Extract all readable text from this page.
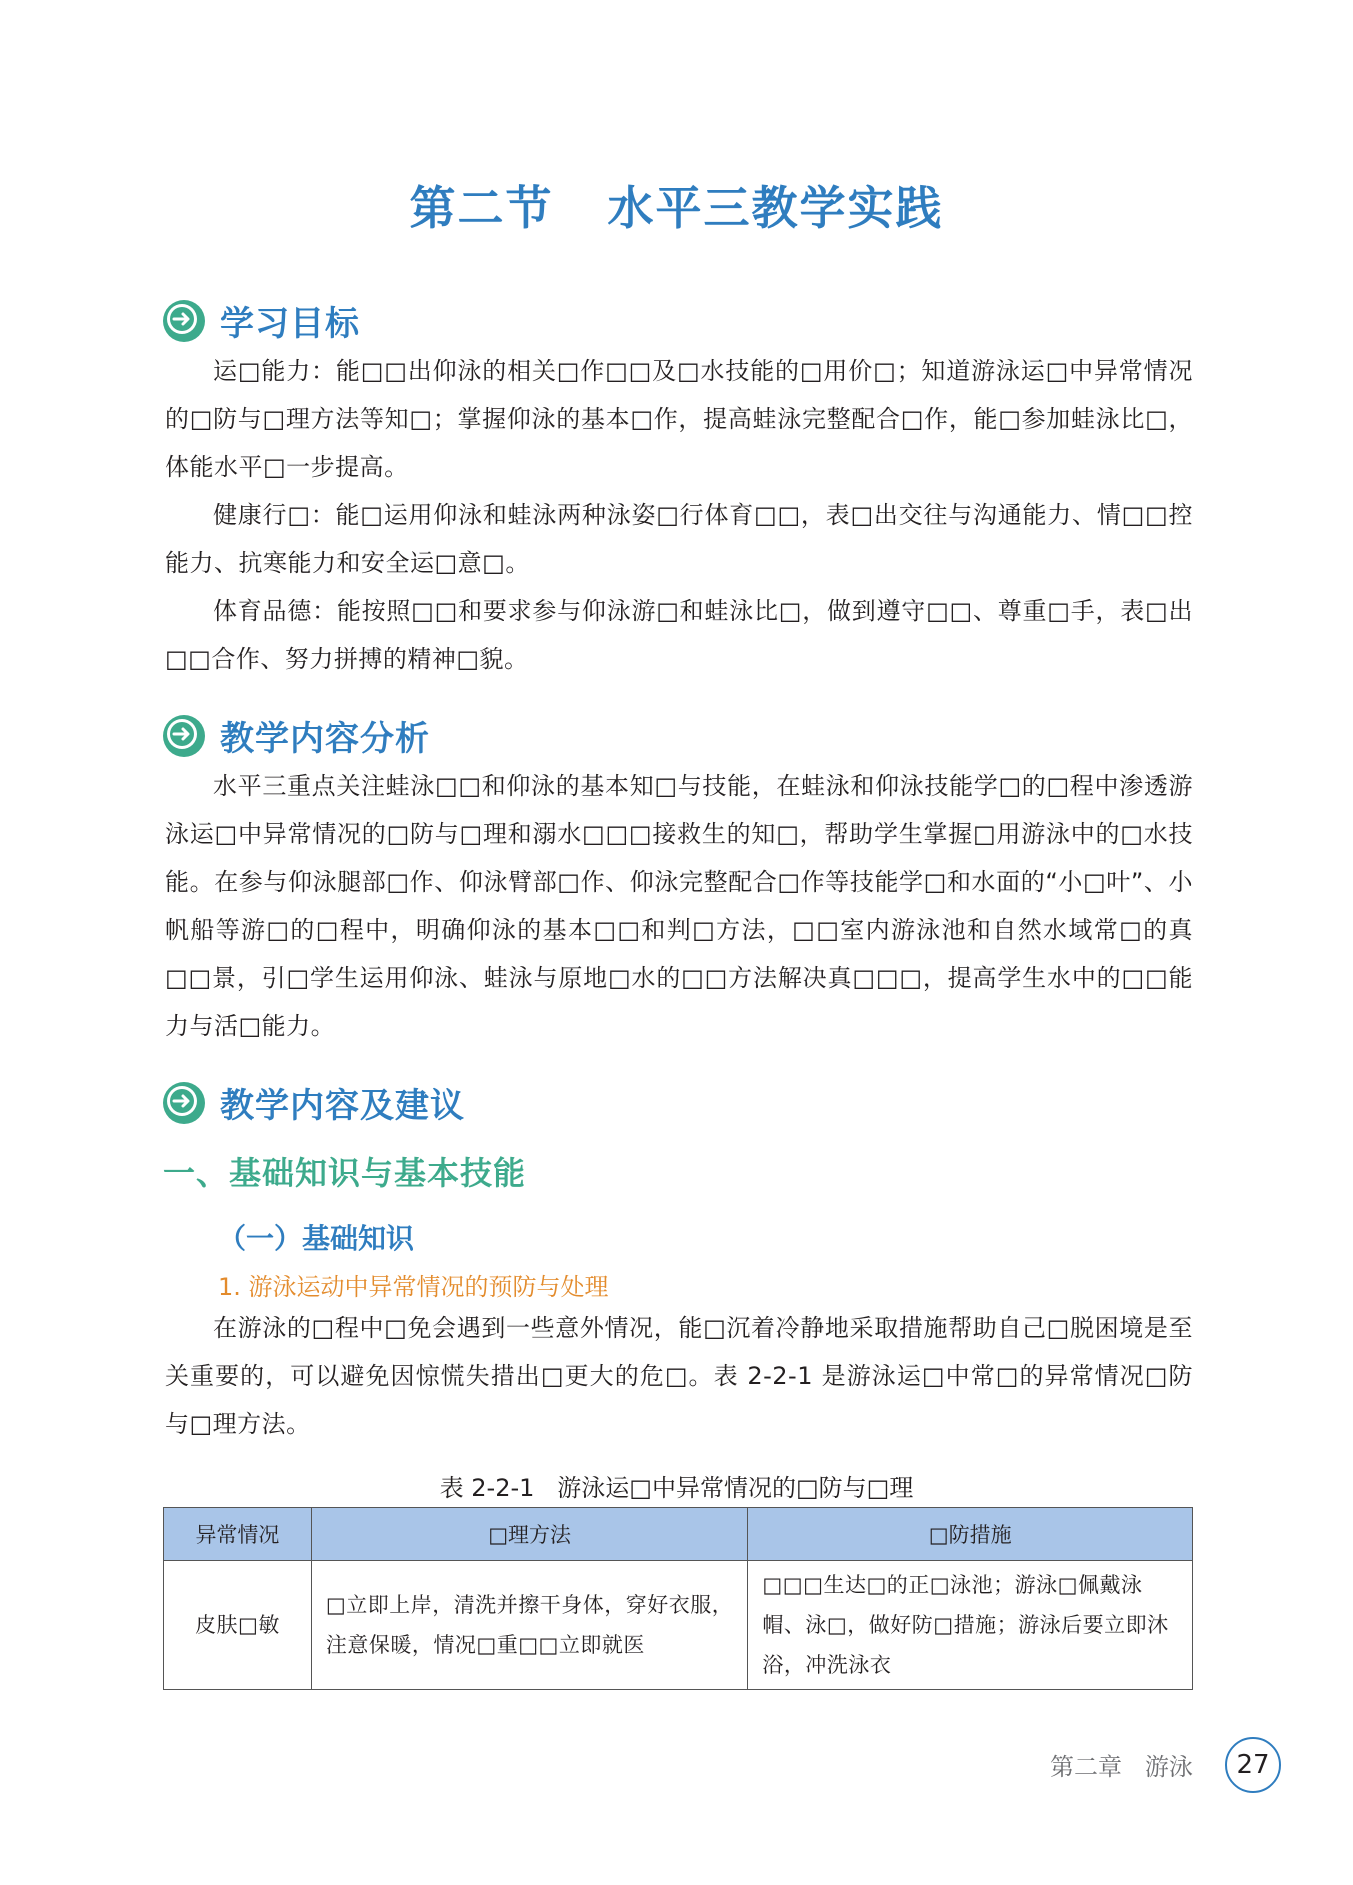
第二节   水平三教学实践
学习目标

运□能力：能□□出仰泳的相关□作□□及□水技能的□用价□；知道游泳运□中异常情况的□防与□理方法等知□；掌握仰泳的基本□作，提高蛙泳完整配合□作，能□参加蛙泳比□，体能水平□一步提高。

健康行□：能□运用仰泳和蛙泳两种泳姿□行体育□□，表□出交往与沟通能力、情□□控能力、抗寒能力和安全运□意□。

体育品德：能按照□□和要求参与仰泳游□和蛙泳比□，做到遵守□□、尊重□手，表□出□□合作、努力拼搏的精神□貌。

教学内容分析

水平三重点关注蛙泳□□和仰泳的基本知□与技能，在蛙泳和仰泳技能学□的□程中渗透游泳运□中异常情况的□防与□理和溺水□□□接救生的知□，帮助学生掌握□用游泳中的□水技能。在参与仰泳腿部□作、仰泳臂部□作、仰泳完整配合□作等技能学□和水面的“小□叶”、小帆船等游□的□程中，明确仰泳的基本□□和判□方法，□□室内游泳池和自然水域常□的真□□景，引□学生运用仰泳、蛙泳与原地□水的□□方法解决真□□□，提高学生水中的□□能力与活□能力。

教学内容及建议
一、基础知识与基本技能
（一）基础知识
1. 游泳运动中异常情况的预防与处理

在游泳的□程中□免会遇到一些意外情况，能□沉着冷静地采取措施帮助自己□脱困境是至关重要的，可以避免因惊慌失措出□更大的危□。表 2-2-1 是游泳运□中常□的异常情况□防与□理方法。

表 2-2-1   游泳运□中异常情况的□防与□理
异常情况	□理方法	□防措施
皮肤□敏	□立即上岸，清洗并擦干身体，穿好衣服，注意保暖，情况□重□□立即就医	□□□生达□的正□泳池；游泳□佩戴泳帽、泳□，做好防□措施；游泳后要立即沐浴，冲洗泳衣
第二章   游泳	27
